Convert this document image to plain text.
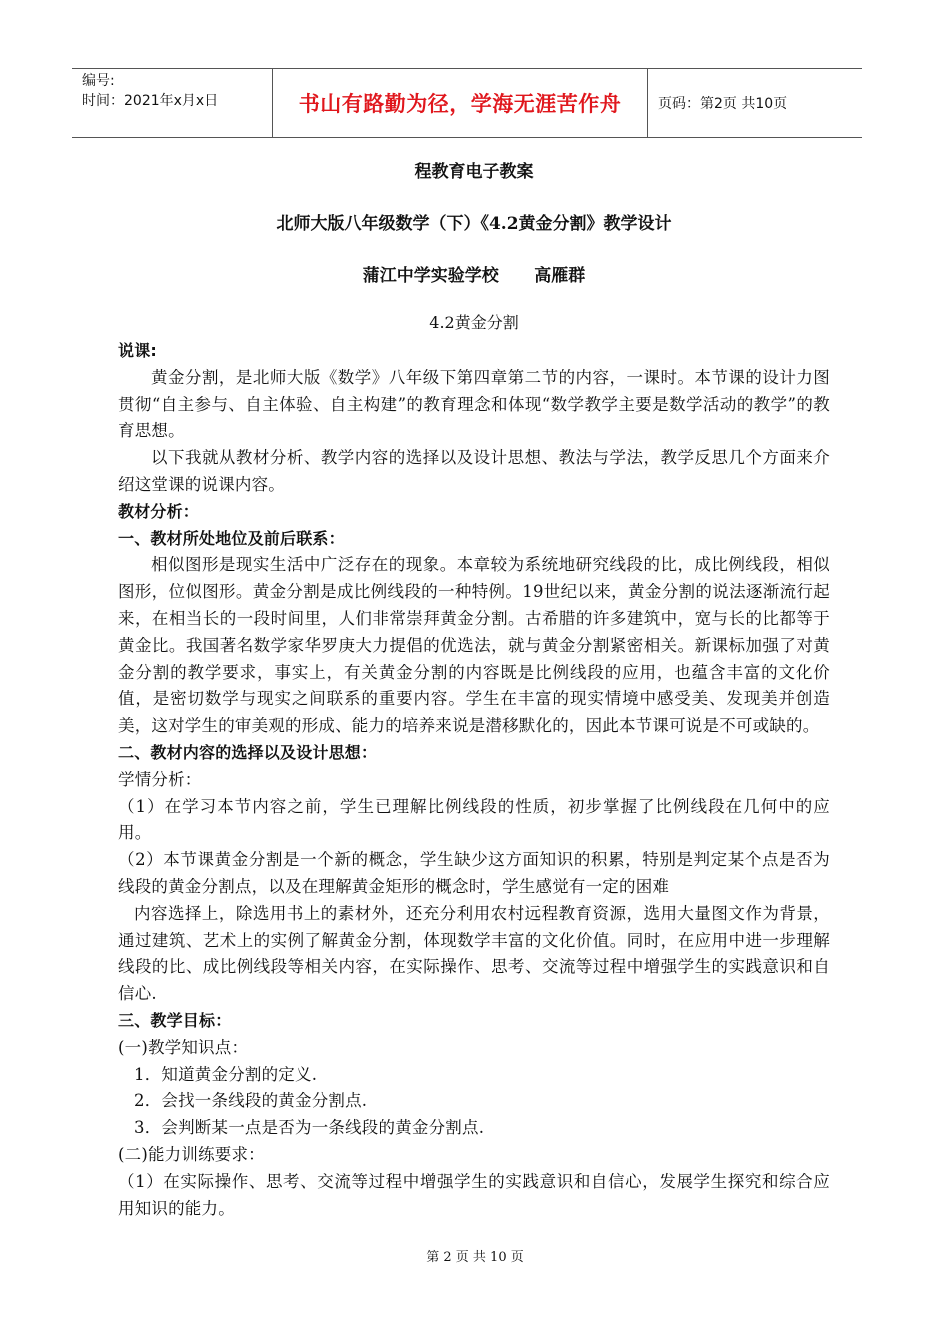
编号:
时间：2021年x月x日	书山有路勤为径，学海无涯苦作舟	页码：第2页 共10页
程教育电子教案
北师大版八年级数学（下）《4.2黄金分割》教学设计
蒲江中学实验学校      高雁群
4.2黄金分割

说课:

黄金分割，是北师大版《数学》八年级下第四章第二节的内容，一课时。本节课的设计力图贯彻“自主参与、自主体验、自主构建”的教育理念和体现“数学教学主要是数学活动的教学”的教育思想。

以下我就从教材分析、教学内容的选择以及设计思想、教法与学法，教学反思几个方面来介绍这堂课的说课内容。

教材分析：

一、教材所处地位及前后联系：

相似图形是现实生活中广泛存在的现象。本章较为系统地研究线段的比，成比例线段，相似图形，位似图形。黄金分割是成比例线段的一种特例。19世纪以来，黄金分割的说法逐渐流行起来，在相当长的一段时间里，人们非常崇拜黄金分割。古希腊的许多建筑中，宽与长的比都等于黄金比。我国著名数学家华罗庚大力提倡的优选法，就与黄金分割紧密相关。新课标加强了对黄金分割的教学要求，事实上，有关黄金分割的内容既是比例线段的应用，也蕴含丰富的文化价值，是密切数学与现实之间联系的重要内容。学生在丰富的现实情境中感受美、发现美并创造美，这对学生的审美观的形成、能力的培养来说是潜移默化的，因此本节课可说是不可或缺的。

二、教材内容的选择以及设计思想：

学情分析：

（1）在学习本节内容之前，学生已理解比例线段的性质，初步掌握了比例线段在几何中的应用。

（2）本节课黄金分割是一个新的概念，学生缺少这方面知识的积累，特别是判定某个点是否为线段的黄金分割点，以及在理解黄金矩形的概念时，学生感觉有一定的困难

内容选择上，除选用书上的素材外，还充分利用农村远程教育资源，选用大量图文作为背景，通过建筑、艺术上的实例了解黄金分割，体现数学丰富的文化价值。同时，在应用中进一步理解线段的比、成比例线段等相关内容，在实际操作、思考、交流等过程中增强学生的实践意识和自信心.

三、教学目标：

(一)教学知识点：

1．知道黄金分割的定义.

2．会找一条线段的黄金分割点.

3．会判断某一点是否为一条线段的黄金分割点.

(二)能力训练要求：

（1）在实际操作、思考、交流等过程中增强学生的实践意识和自信心，发展学生探究和综合应用知识的能力。

第 2 页 共 10 页
